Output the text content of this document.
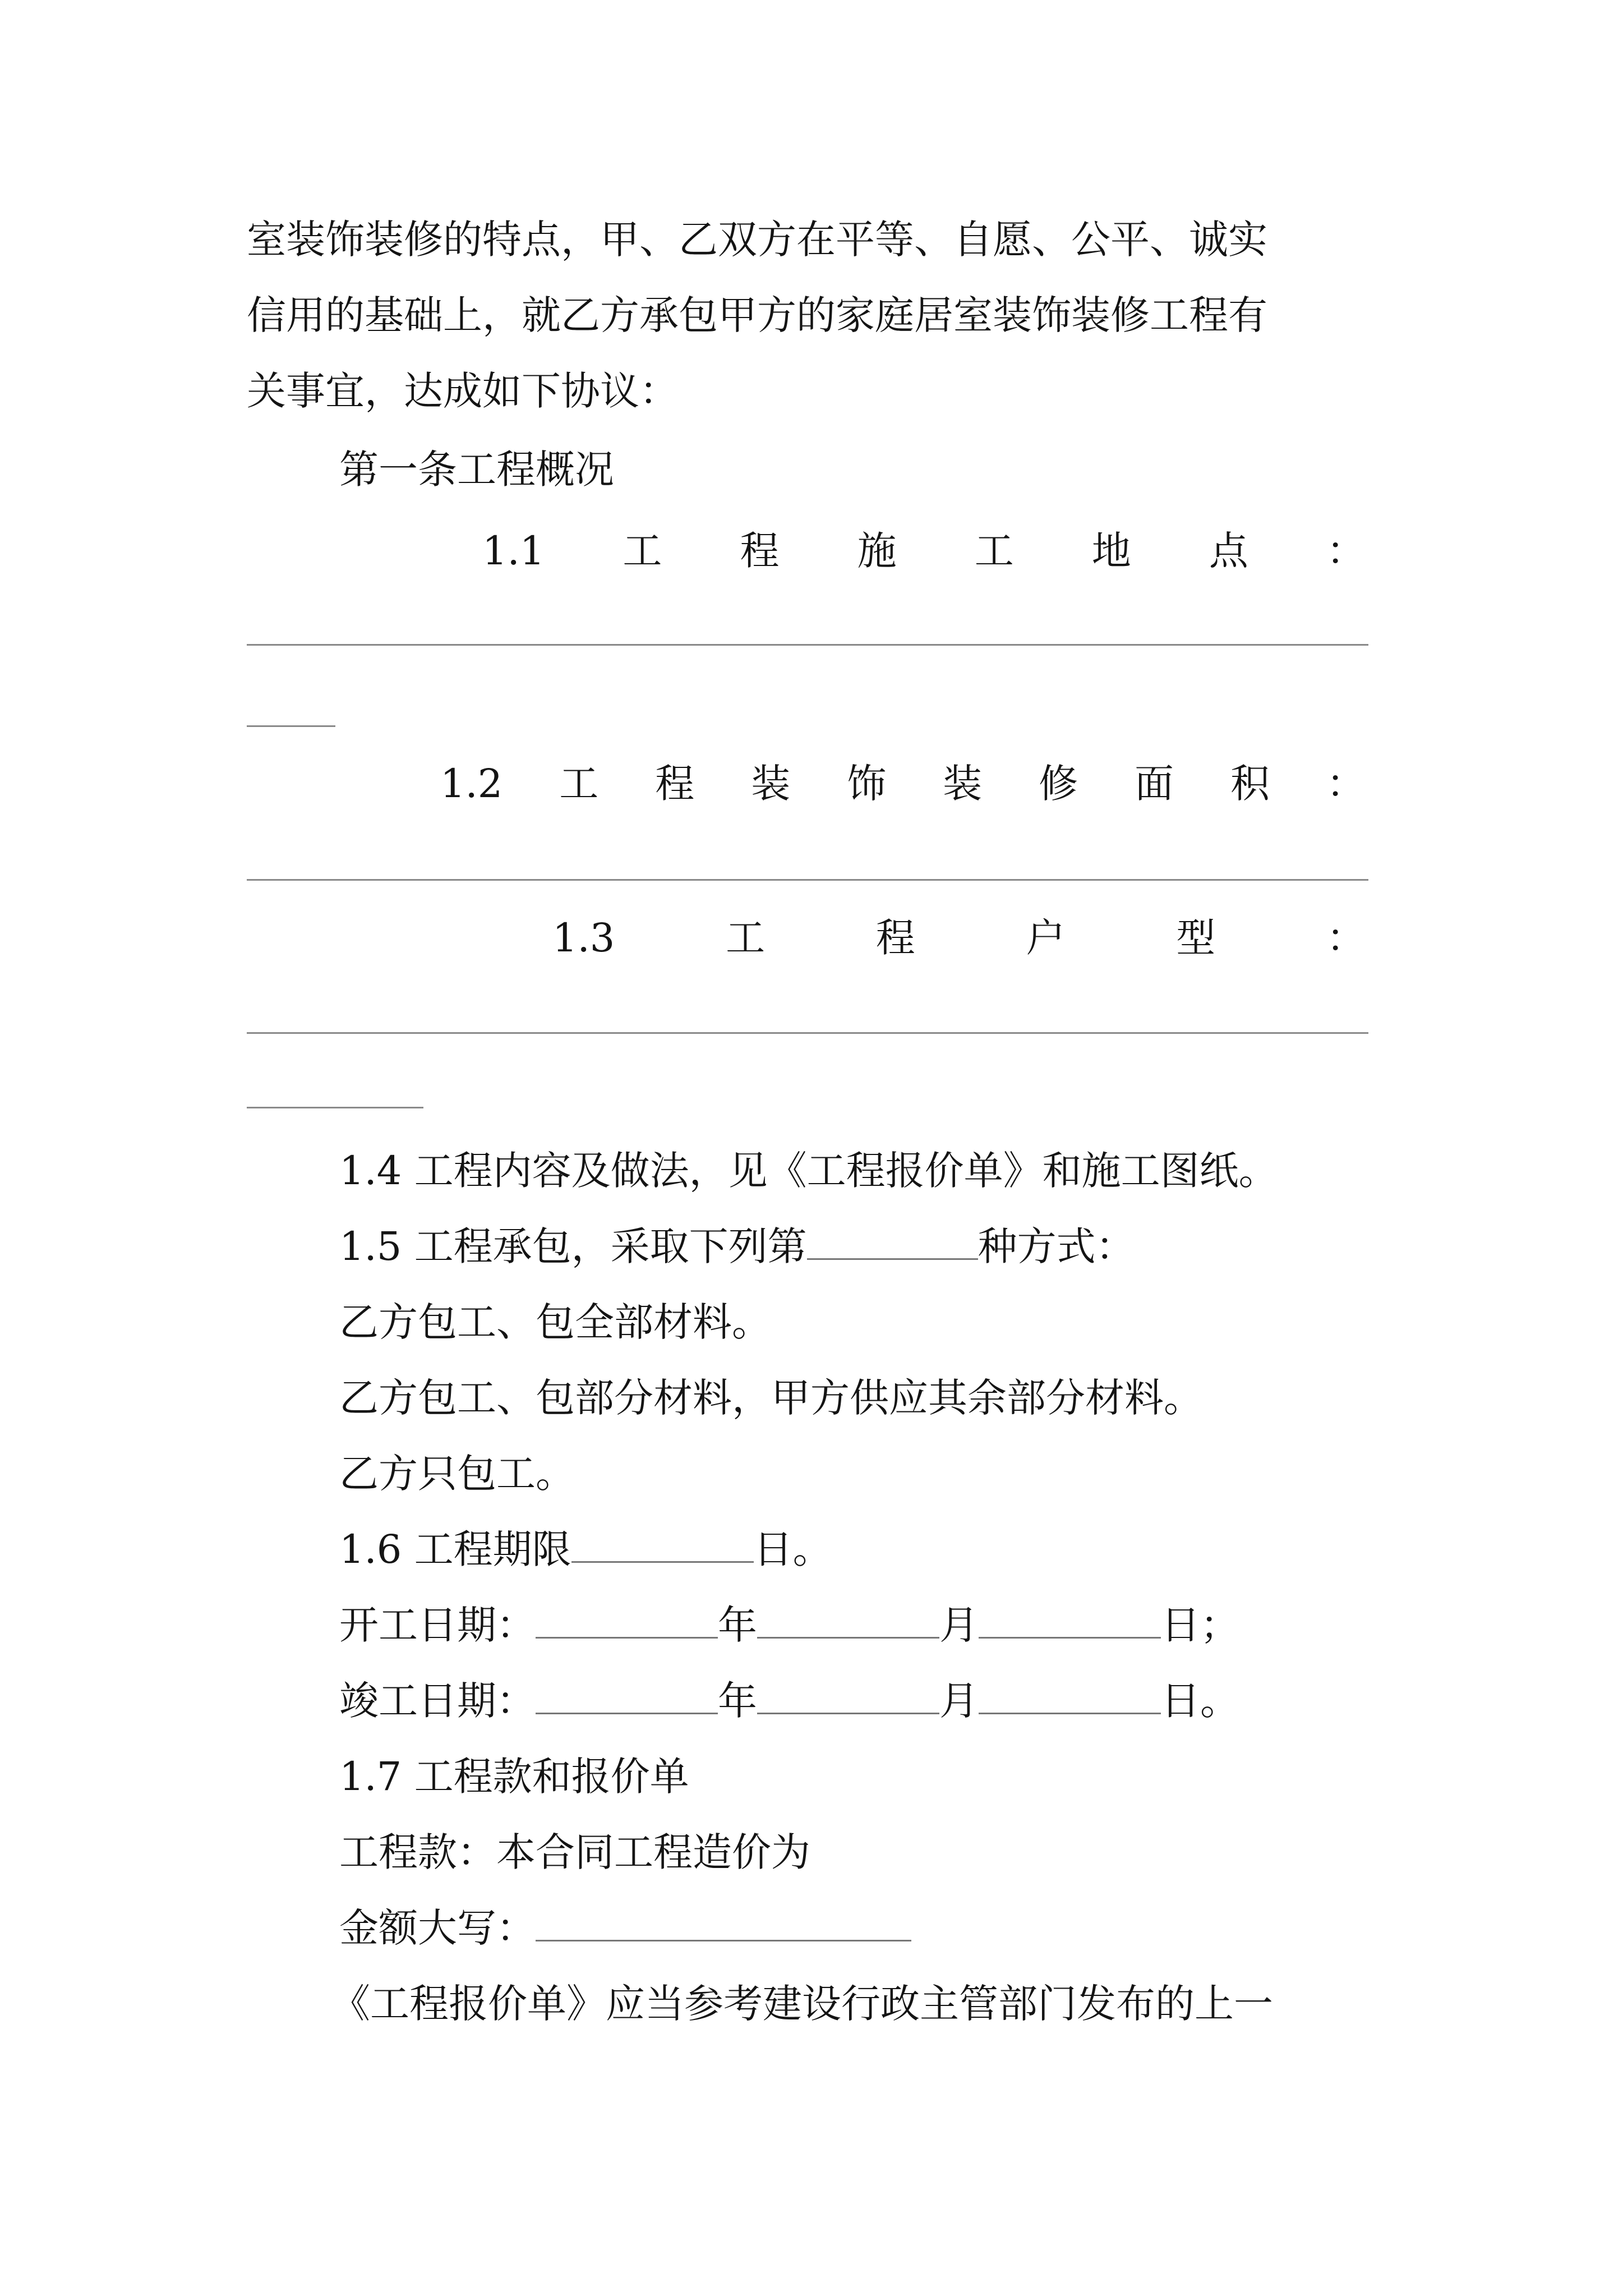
室装饰装修的特点，甲、乙双方在平等、自愿、公平、诚实
信用的基础上，就乙方承包甲方的家庭居室装饰装修工程有
关事宜，达成如下协议：
第一条工程概况
1.1 工 程 施 工 地 点 ：
1.2 工 程 装 饰 装 修 面 积 ：
1.3	工	程	户	型	：
1.4 工程内容及做法，见《工程报价单》和施工图纸。
1.5 工程承包，采取下列第	种方式：
乙方包工、包全部材料。
乙方包工、包部分材料，甲方供应其余部分材料。
乙方只包工。
1.6 工程期限	日。
开工日期：	年	月	日；
竣工日期：	年	月	日。
1.7 工程款和报价单
工程款：本合同工程造价为
金额大写：
《工程报价单》应当参考建设行政主管部门发布的上一
